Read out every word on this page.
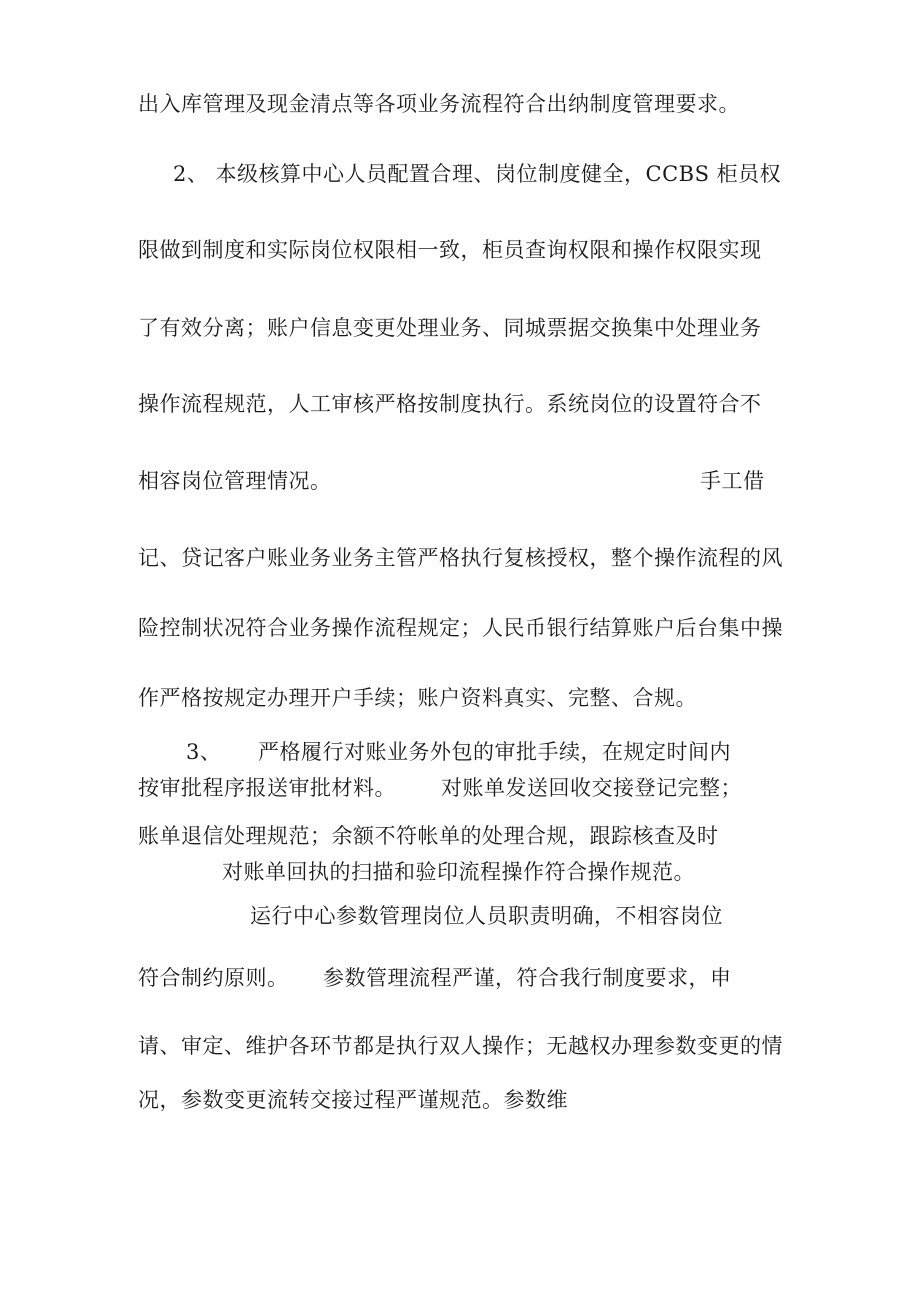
出入库管理及现金清点等各项业务流程符合出纳制度管理要求。
2、 本级核算中心人员配置合理、岗位制度健全，CCBS 柜员权
限做到制度和实际岗位权限相一致，柜员查询权限和操作权限实现
了有效分离；账户信息变更处理业务、同城票据交换集中处理业务
操作流程规范，人工审核严格按制度执行。系统岗位的设置符合不
相容岗位管理情况。	手工借
记、贷记客户账业务业务主管严格执行复核授权，整个操作流程的风
险控制状况符合业务操作流程规定；人民币银行结算账户后台集中操
作严格按规定办理开户手续；账户资料真实、完整、合规。
3、 严格履行对账业务外包的审批手续，在规定时间内
按审批程序报送审批材料。 对账单发送回收交接登记完整；
账单退信处理规范；余额不符帐单的处理合规，跟踪核查及时
对账单回执的扫描和验印流程操作符合操作规范。
运行中心参数管理岗位人员职责明确，不相容岗位
符合制约原则。 参数管理流程严谨，符合我行制度要求，申
请、审定、维护各环节都是执行双人操作；无越权办理参数变更的情
况，参数变更流转交接过程严谨规范。参数维
